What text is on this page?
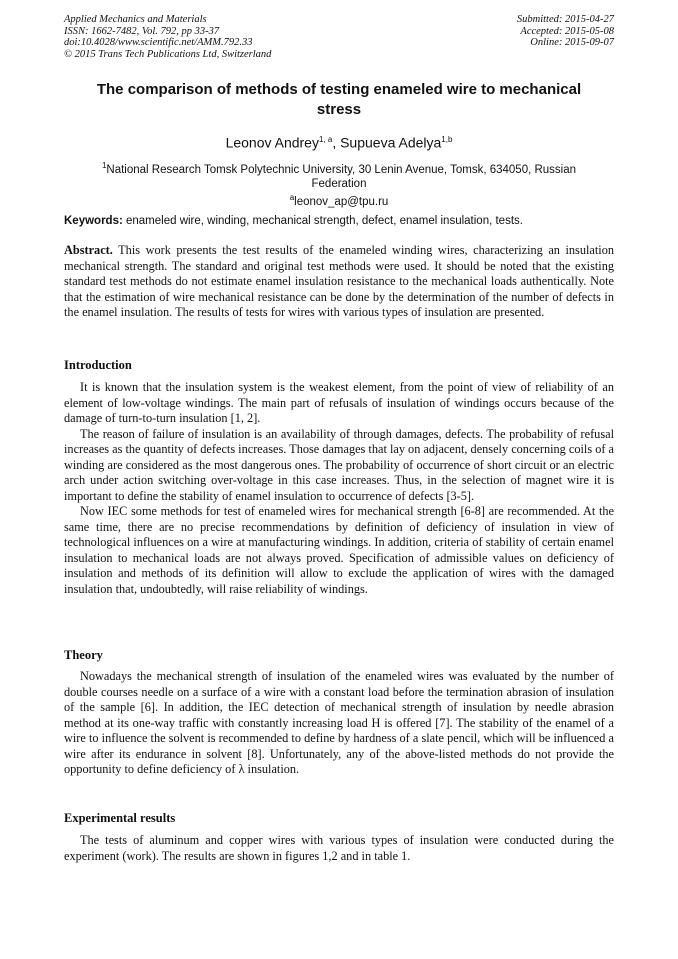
Applied Mechanics and Materials
ISSN: 1662-7482, Vol. 792, pp 33-37
doi:10.4028/www.scientific.net/AMM.792.33
© 2015 Trans Tech Publications Ltd, Switzerland
Submitted: 2015-04-27
Accepted: 2015-05-08
Online: 2015-09-07
The comparison of methods of testing enameled wire to mechanical
stress
Leonov Andrey$^{1, a}$, Supueva Adelya$^{1,b}$
$^1$National Research Tomsk Polytechnic University, 30 Lenin Avenue, Tomsk, 634050, Russian
Federation
$^a$leonov_ap@tpu.ru
Keywords: enameled wire, winding, mechanical strength, defect, enamel insulation, tests.

Abstract. This work presents the test results of the enameled winding wires, characterizing an insulation mechanical strength. The standard and original test methods were used. It should be noted that the existing standard test methods do not estimate enamel insulation resistance to the mechanical loads authentically. Note that the estimation of wire mechanical resistance can be done by the determination of the number of defects in the enamel insulation. The results of tests for wires with various types of insulation are presented.

Introduction

It is known that the insulation system is the weakest element, from the point of view of reliability of an element of low-voltage windings. The main part of refusals of insulation of windings occurs because of the damage of turn-to-turn insulation [1, 2].

The reason of failure of insulation is an availability of through damages, defects. The probability of refusal increases as the quantity of defects increases. Those damages that lay on adjacent, densely concerning coils of a winding are considered as the most dangerous ones. The probability of occurrence of short circuit or an electric arch under action switching over-voltage in this case increases. Thus, in the selection of magnet wire it is important to define the stability of enamel insulation to occurrence of defects [3-5].

Now IEC some methods for test of enameled wires for mechanical strength [6-8] are recommended. At the same time, there are no precise recommendations by definition of deficiency of insulation in view of technological influences on a wire at manufacturing windings. In addition, criteria of stability of certain enamel insulation to mechanical loads are not always proved. Specification of admissible values on deficiency of insulation and methods of its definition will allow to exclude the application of wires with the damaged insulation that, undoubtedly, will raise reliability of windings.

Theory

Nowadays the mechanical strength of insulation of the enameled wires was evaluated by the number of double courses needle on a surface of a wire with a constant load before the termination abrasion of insulation of the sample [6]. In addition, the IEC detection of mechanical strength of insulation by needle abrasion method at its one-way traffic with constantly increasing load H is offered [7]. The stability of the enamel of a wire to influence the solvent is recommended to define by hardness of a slate pencil, which will be influenced a wire after its endurance in solvent [8]. Unfortunately, any of the above-listed methods do not provide the opportunity to define deficiency of λ insulation.

Experimental results

The tests of aluminum and copper wires with various types of insulation were conducted during the experiment (work). The results are shown in figures 1,2 and in table 1.
